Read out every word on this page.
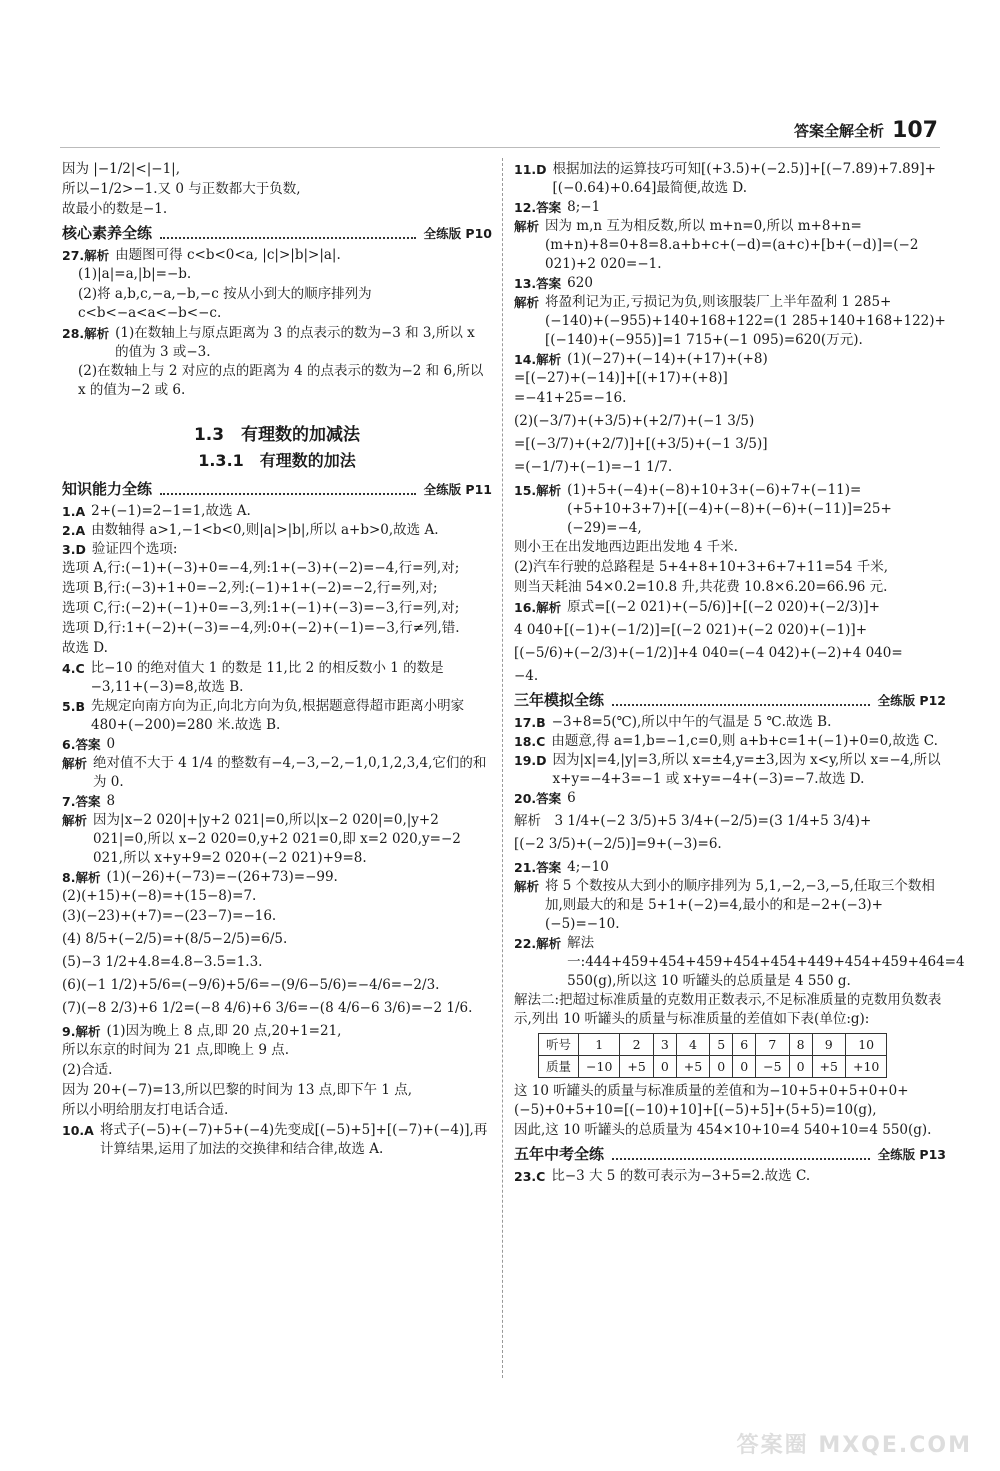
答案全解全析 107

因为 |−1/2|<|−1|,

所以−1/2>−1.又 0 与正数都大于负数,

故最小的数是−1.

核心素养全练	全练版 P10
27.解析 由题图可得 c<b<0<a, |c|>|b|>|a|.

(1)|a|=a,|b|=−b.

(2)将 a,b,c,−a,−b,−c 按从小到大的顺序排列为 c<b<−a<a<−b<−c.

28.解析 (1)在数轴上与原点距离为 3 的点表示的数为−3 和 3,所以 x 的值为 3 或−3.

(2)在数轴上与 2 对应的点的距离为 4 的点表示的数为−2 和 6,所以 x 的值为−2 或 6.

1.3　有理数的加减法
1.3.1　有理数的加法
知识能力全练	全练版 P11
1.A 2+(−1)=2−1=1,故选 A.
2.A 由数轴得 a>1,−1<b<0,则|a|>|b|,所以 a+b>0,故选 A.
3.D 验证四个选项:

选项 A,行:(−1)+(−3)+0=−4,列:1+(−3)+(−2)=−4,行=列,对;

选项 B,行:(−3)+1+0=−2,列:(−1)+1+(−2)=−2,行=列,对;

选项 C,行:(−2)+(−1)+0=−3,列:1+(−1)+(−3)=−3,行=列,对;

选项 D,行:1+(−2)+(−3)=−4,列:0+(−2)+(−1)=−3,行≠列,错.

故选 D.

4.C 比−10 的绝对值大 1 的数是 11,比 2 的相反数小 1 的数是−3,11+(−3)=8,故选 B.
5.B 先规定向南方向为正,向北方向为负,根据题意得超市距离小明家 480+(−200)=280 米.故选 B.
6.答案 0
解析 绝对值不大于 4 1/4 的整数有−4,−3,−2,−1,0,1,2,3,4,它们的和为 0.
7.答案 8
解析 因为|x−2 020|+|y+2 021|=0,所以|x−2 020|=0,|y+2 021|=0,所以 x−2 020=0,y+2 021=0,即 x=2 020,y=−2 021,所以 x+y+9=2 020+(−2 021)+9=8.
8.解析 (1)(−26)+(−73)=−(26+73)=−99.

(2)(+15)+(−8)=+(15−8)=7.

(3)(−23)+(+7)=−(23−7)=−16.

(4) 8/5+(−2/5)=+(8/5−2/5)=6/5.

(5)−3 1/2+4.8=4.8−3.5=1.3.

(6)(−1 1/2)+5/6=(−9/6)+5/6=−(9/6−5/6)=−4/6=−2/3.

(7)(−8 2/3)+6 1/2=(−8 4/6)+6 3/6=−(8 4/6−6 3/6)=−2 1/6.

9.解析 (1)因为晚上 8 点,即 20 点,20+1=21,

所以东京的时间为 21 点,即晚上 9 点.

(2)合适.

因为 20+(−7)=13,所以巴黎的时间为 13 点,即下午 1 点,

所以小明给朋友打电话合适.

10.A 将式子(−5)+(−7)+5+(−4)先变成[(−5)+5]+[(−7)+(−4)],再计算结果,运用了加法的交换律和结合律,故选 A.
11.D 根据加法的运算技巧可知[(+3.5)+(−2.5)]+[(−7.89)+7.89]+[(−0.64)+0.64]最简便,故选 D.
12.答案 8;−1
解析 因为 m,n 互为相反数,所以 m+n=0,所以 m+8+n=(m+n)+8=0+8=8.a+b+c+(−d)=(a+c)+[b+(−d)]=(−2 021)+2 020=−1.
13.答案 620
解析 将盈利记为正,亏损记为负,则该服装厂上半年盈利 1 285+(−140)+(−955)+140+168+122=(1 285+140+168+122)+[(−140)+(−955)]=1 715+(−1 095)=620(万元).
14.解析 (1)(−27)+(−14)+(+17)+(+8)

=[(−27)+(−14)]+[(+17)+(+8)]

=−41+25=−16.

(2)(−3/7)+(+3/5)+(+2/7)+(−1 3/5)

=[(−3/7)+(+2/7)]+[(+3/5)+(−1 3/5)]

=(−1/7)+(−1)=−1 1/7.

15.解析 (1)+5+(−4)+(−8)+10+3+(−6)+7+(−11)=(+5+10+3+7)+[(−4)+(−8)+(−6)+(−11)]=25+(−29)=−4,

则小王在出发地西边距出发地 4 千米.

(2)汽车行驶的总路程是 5+4+8+10+3+6+7+11=54 千米,

则当天耗油 54×0.2=10.8 升,共花费 10.8×6.20=66.96 元.

16.解析 原式=[(−2 021)+(−5/6)]+[(−2 020)+(−2/3)]+

4 040+[(−1)+(−1/2)]=[(−2 021)+(−2 020)+(−1)]+

[(−5/6)+(−2/3)+(−1/2)]+4 040=(−4 042)+(−2)+4 040=

−4.

三年模拟全练	全练版 P12
17.B −3+8=5(℃),所以中午的气温是 5 ℃.故选 B.
18.C 由题意,得 a=1,b=−1,c=0,则 a+b+c=1+(−1)+0=0,故选 C.
19.D 因为|x|=4,|y|=3,所以 x=±4,y=±3,因为 x<y,所以 x=−4,所以 x+y=−4+3=−1 或 x+y=−4+(−3)=−7.故选 D.
20.答案 6

解析　3 1/4+(−2 3/5)+5 3/4+(−2/5)=(3 1/4+5 3/4)+

[(−2 3/5)+(−2/5)]=9+(−3)=6.

21.答案 4;−10
解析 将 5 个数按从大到小的顺序排列为 5,1,−2,−3,−5,任取三个数相加,则最大的和是 5+1+(−2)=4,最小的和是−2+(−3)+(−5)=−10.
22.解析 解法一:444+459+454+459+454+454+449+454+459+464=4 550(g),所以这 10 听罐头的总质量是 4 550 g.

解法二:把超过标准质量的克数用正数表示,不足标准质量的克数用负数表示,列出 10 听罐头的质量与标准质量的差值如下表(单位:g):

听号	1	2	3	4	5	6	7	8	9	10
质量	−10	+5	0	+5	0	0	−5	0	+5	+10

这 10 听罐头的质量与标准质量的差值和为−10+5+0+5+0+0+(−5)+0+5+10=[(−10)+10]+[(−5)+5]+(5+5)=10(g),

因此,这 10 听罐头的总质量为 454×10+10=4 540+10=4 550(g).

五年中考全练	全练版 P13
23.C 比−3 大 5 的数可表示为−3+5=2.故选 C.
答案圈 MXQE.COM
